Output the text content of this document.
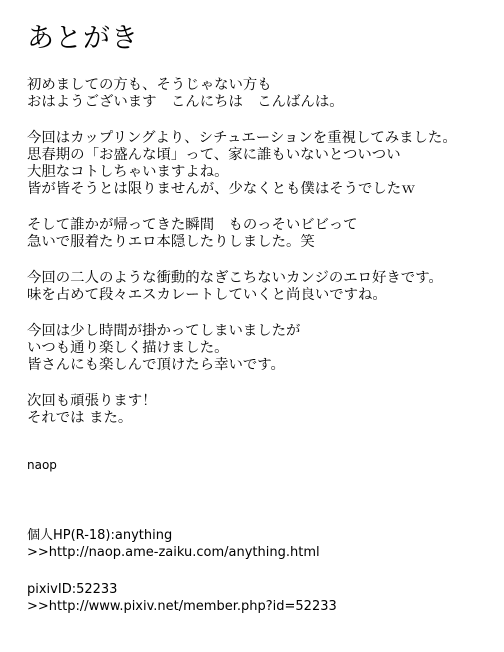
あとがき
初めましての方も、そうじゃない方も
おはようございます　こんにちは　こんばんは。
今回はカップリングより、シチュエーションを重視してみました。
思春期の「お盛んな頃」って、家に誰もいないとついつい
大胆なコトしちゃいますよね。
皆が皆そうとは限りませんが、少なくとも僕はそうでしたｗ
そして誰かが帰ってきた瞬間　ものっそいビビって
急いで服着たりエロ本隠したりしました。笑
今回の二人のような衝動的なぎこちないカンジのエロ好きです。
味を占めて段々エスカレートしていくと尚良いですね。
今回は少し時間が掛かってしまいましたが
いつも通り楽しく描けました。
皆さんにも楽しんで頂けたら幸いです。
次回も頑張ります！
それでは また。
naop
個人HP(R-18):anything
>>http://naop.ame-zaiku.com/anything.html
pixivID:52233
>>http://www.pixiv.net/member.php?id=52233
